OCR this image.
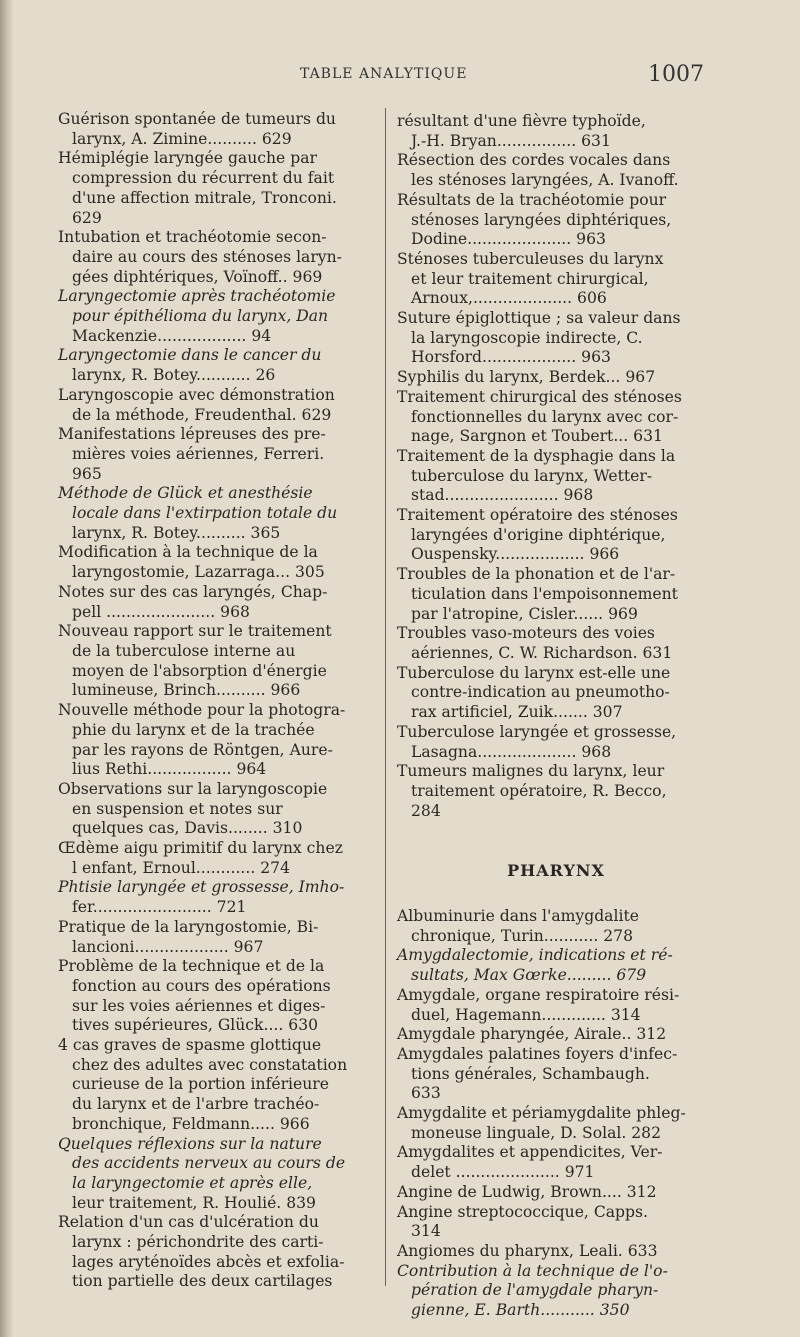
TABLE ANALYTIQUE	1007

Guérison spontanée de tumeurs du
larynx, A. Zimine.......... 629

Hémiplégie laryngée gauche par
compression du récurrent du fait
d'une affection mitrale, Tronconi.
629

Intubation et trachéotomie secon-
daire au cours des sténoses laryn-
gées diphtériques, Voïnoff.. 969

Laryngectomie après trachéotomie
pour épithélioma du larynx, Dan
Mackenzie.................. 94

Laryngectomie dans le cancer du
larynx, R. Botey........... 26

Laryngoscopie avec démonstration
de la méthode, Freudenthal. 629

Manifestations lépreuses des pre-
mières voies aériennes, Ferreri.
965

Méthode de Glück et anesthésie
locale dans l'extirpation totale du
larynx, R. Botey.......... 365

Modification à la technique de la
laryngostomie, Lazarraga... 305

Notes sur des cas laryngés, Chap-
pell ...................... 968

Nouveau rapport sur le traitement
de la tuberculose interne au
moyen de l'absorption d'énergie
lumineuse, Brinch.......... 966

Nouvelle méthode pour la photogra-
phie du larynx et de la trachée
par les rayons de Röntgen, Aure-
lius Rethi................. 964

Observations sur la laryngoscopie
en suspension et notes sur
quelques cas, Davis........ 310

Œdème aigu primitif du larynx chez
l enfant, Ernoul............ 274

Phtisie laryngée et grossesse, Imho-
fer........................ 721

Pratique de la laryngostomie, Bi-
lancioni................... 967

Problème de la technique et de la
fonction au cours des opérations
sur les voies aériennes et diges-
tives supérieures, Glück.... 630

4 cas graves de spasme glottique
chez des adultes avec constatation
curieuse de la portion inférieure
du larynx et de l'arbre trachéo-
bronchique, Feldmann..... 966

Quelques réflexions sur la nature
des accidents nerveux au cours de
la laryngectomie et après elle,
leur traitement, R. Houlié. 839

Relation d'un cas d'ulcération du
larynx : périchondrite des carti-
lages aryténoïdes abcès et exfolia-
tion partielle des deux cartilages

résultant d'une fièvre typhoïde,
J.-H. Bryan................ 631

Résection des cordes vocales dans
les sténoses laryngées, A. Ivanoff.

Résultats de la trachéotomie pour
sténoses laryngées diphtériques,
Dodine..................... 963

Sténoses tuberculeuses du larynx
et leur traitement chirurgical,
Arnoux,.................... 606

Suture épiglottique ; sa valeur dans
la laryngoscopie indirecte, C.
Horsford................... 963

Syphilis du larynx, Berdek... 967

Traitement chirurgical des sténoses
fonctionnelles du larynx avec cor-
nage, Sargnon et Toubert... 631

Traitement de la dysphagie dans la
tuberculose du larynx, Wetter-
stad....................... 968

Traitement opératoire des sténoses
laryngées d'origine diphtérique,
Ouspensky.................. 966

Troubles de la phonation et de l'ar-
ticulation dans l'empoisonnement
par l'atropine, Cisler...... 969

Troubles vaso-moteurs des voies
aériennes, C. W. Richardson. 631

Tuberculose du larynx est-elle une
contre-indication au pneumotho-
rax artificiel, Zuik....... 307

Tuberculose laryngée et grossesse,
Lasagna.................... 968

Tumeurs malignes du larynx, leur
traitement opératoire, R. Becco,
284

PHARYNX

Albuminurie dans l'amygdalite
chronique, Turin........... 278

Amygdalectomie, indications et ré-
sultats, Max Gœrke......... 679

Amygdale, organe respiratoire rési-
duel, Hagemann............. 314

Amygdale pharyngée, Airale.. 312

Amygdales palatines foyers d'infec-
tions générales, Schambaugh.
633

Amygdalite et périamygdalite phleg-
moneuse linguale, D. Solal. 282

Amygdalites et appendicites, Ver-
delet ..................... 971

Angine de Ludwig, Brown.... 312

Angine streptococcique, Capps.
314

Angiomes du pharynx, Leali. 633

Contribution à la technique de l'o-
pération de l'amygdale pharyn-
gienne, E. Barth........... 350
